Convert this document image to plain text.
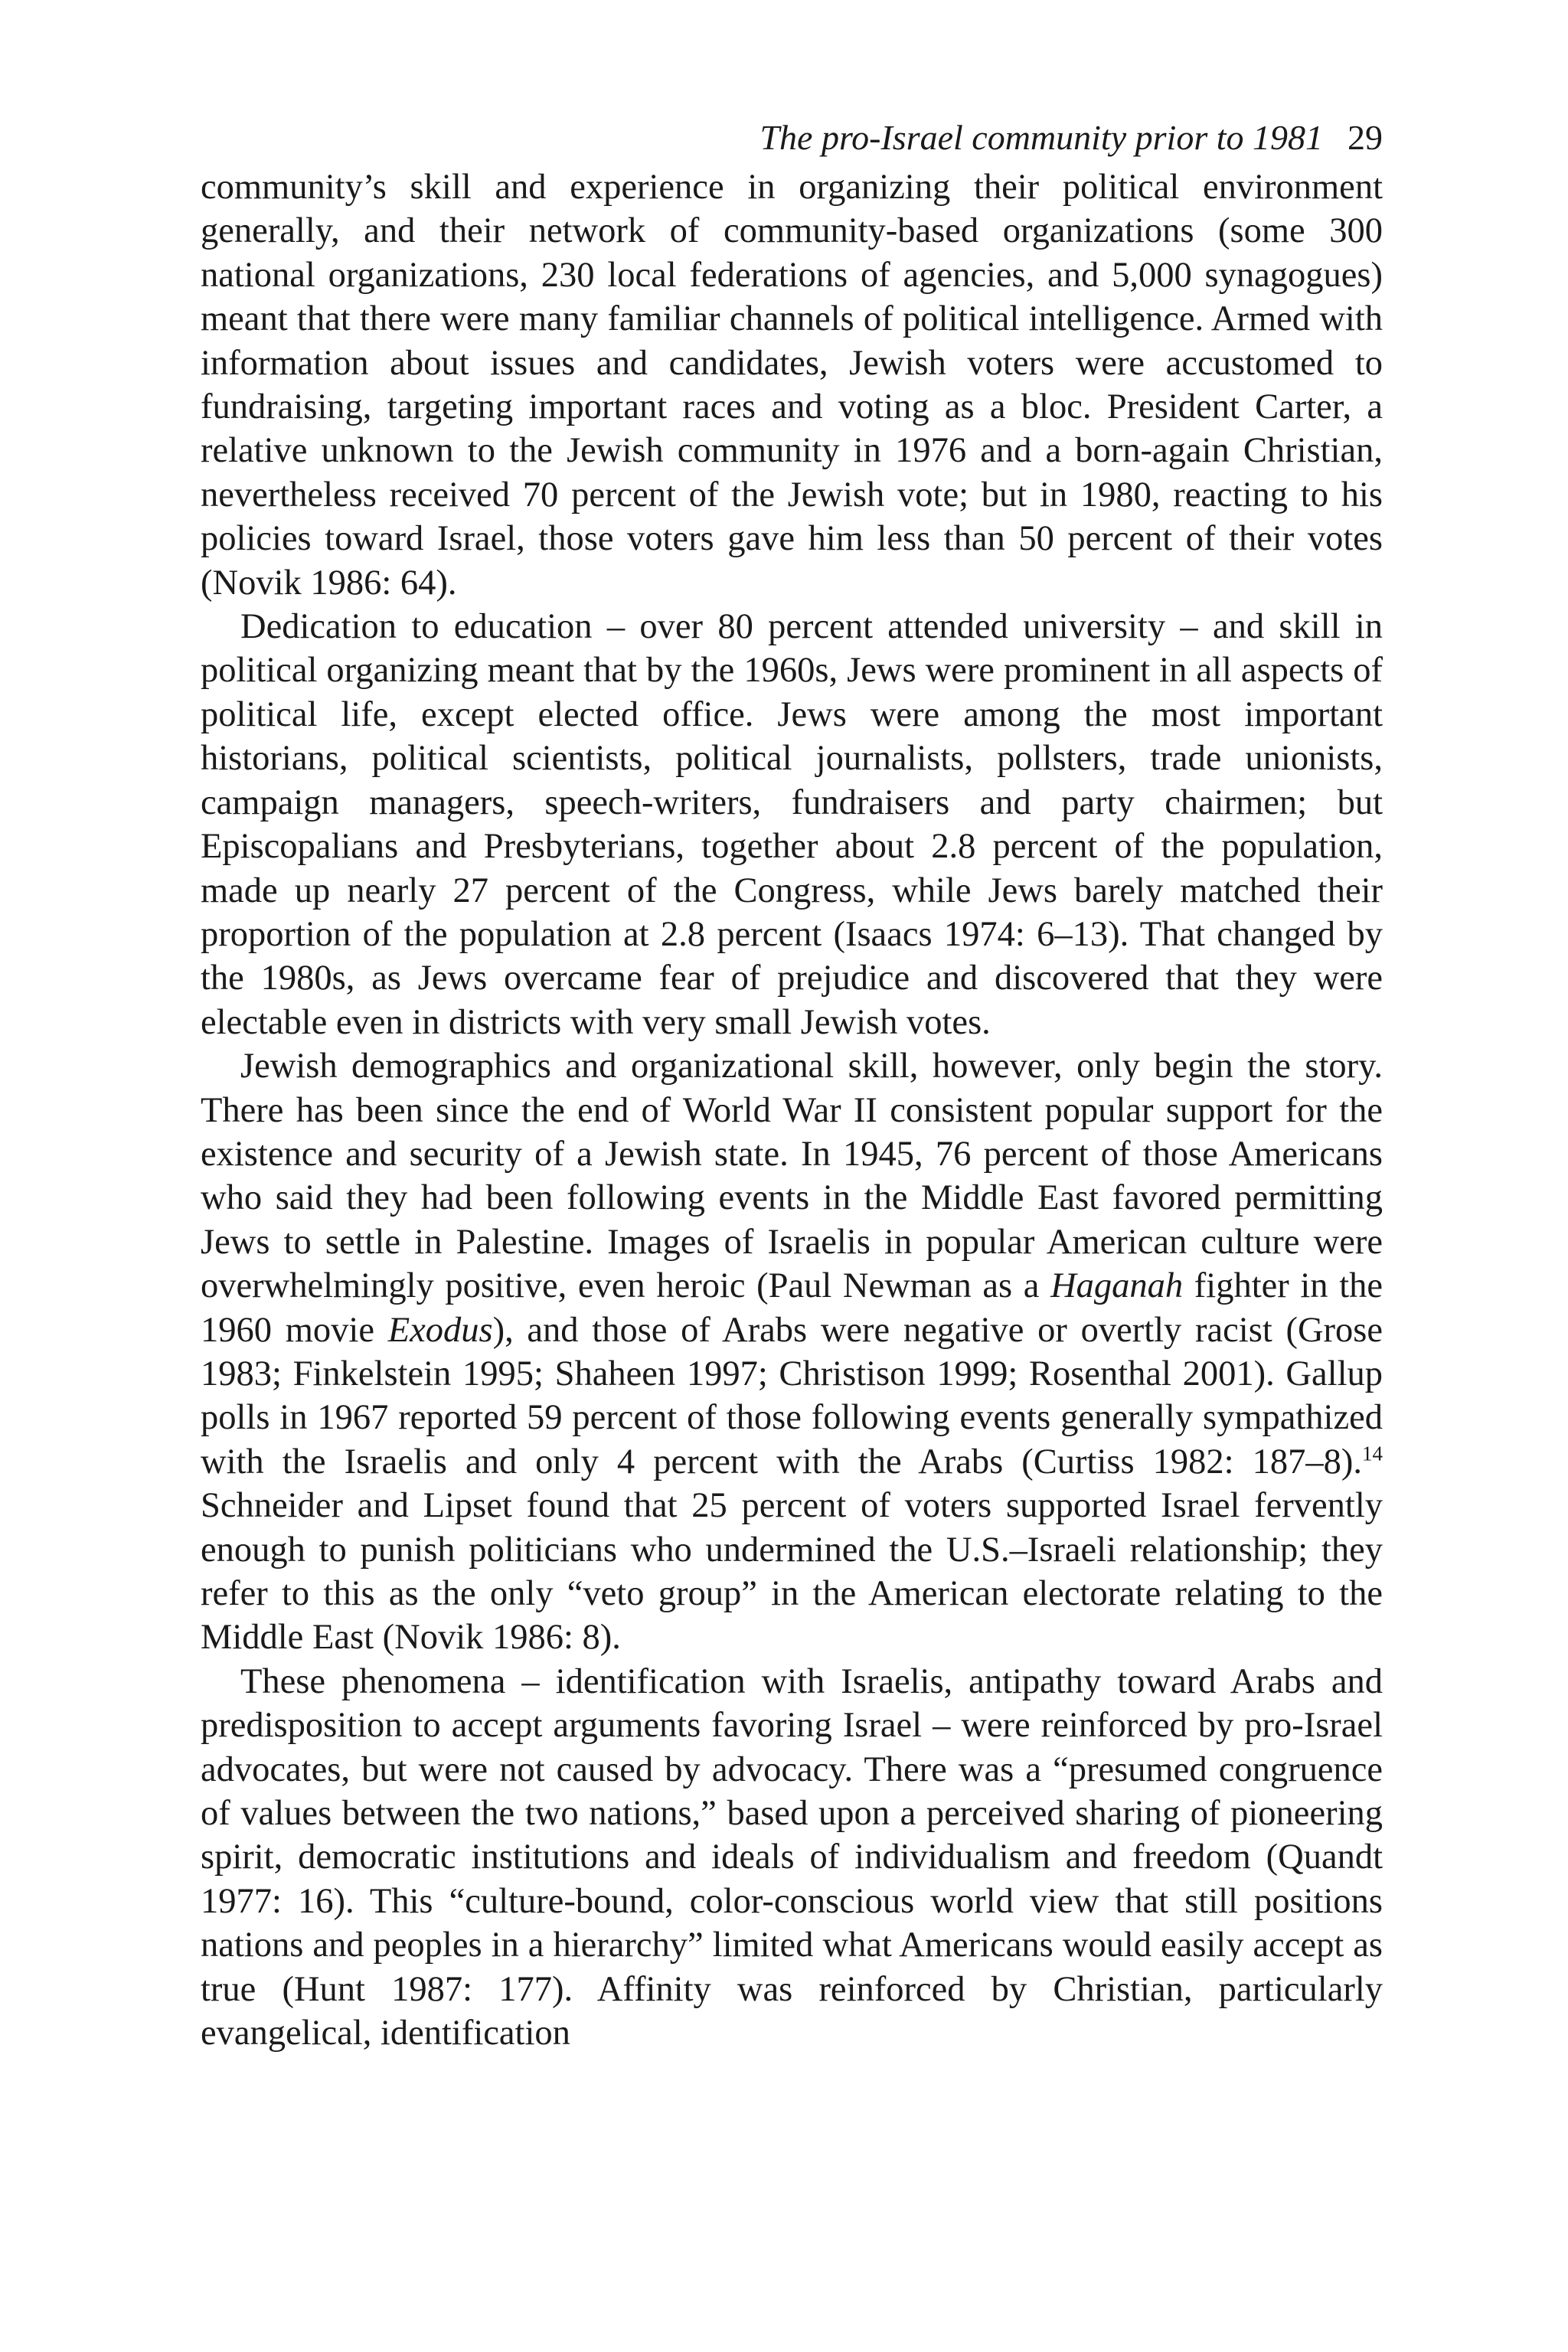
The pro-Israel community prior to 1981 29

community’s skill and experience in organizing their political environment generally, and their network of community-based organizations (some 300 national organizations, 230 local federations of agencies, and 5,000 synagogues) meant that there were many familiar channels of political intelligence. Armed with information about issues and candidates, Jewish voters were accustomed to fundraising, targeting important races and voting as a bloc. President Carter, a relative unknown to the Jewish community in 1976 and a born-again Christian, nevertheless received 70 percent of the Jewish vote; but in 1980, reacting to his policies toward Israel, those voters gave him less than 50 percent of their votes (Novik 1986: 64).

Dedication to education – over 80 percent attended university – and skill in political organizing meant that by the 1960s, Jews were prominent in all aspects of political life, except elected office. Jews were among the most important historians, political scientists, political journalists, pollsters, trade unionists, campaign managers, speech-writers, fundraisers and party chairmen; but Episcopalians and Presbyterians, together about 2.8 percent of the population, made up nearly 27 percent of the Congress, while Jews barely matched their proportion of the population at 2.8 percent (Isaacs 1974: 6–13). That changed by the 1980s, as Jews overcame fear of prejudice and discovered that they were electable even in districts with very small Jewish votes.

Jewish demographics and organizational skill, however, only begin the story. There has been since the end of World War II consistent popular support for the existence and security of a Jewish state. In 1945, 76 percent of those Americans who said they had been following events in the Middle East favored permitting Jews to settle in Palestine. Images of Israelis in popular American culture were overwhelmingly positive, even heroic (Paul Newman as a Haganah fighter in the 1960 movie Exodus), and those of Arabs were negative or overtly racist (Grose 1983; Finkelstein 1995; Shaheen 1997; Christison 1999; Rosenthal 2001). Gallup polls in 1967 reported 59 percent of those following events generally sympathized with the Israelis and only 4 percent with the Arabs (Curtiss 1982: 187–8).$^{14}$ Schneider and Lipset found that 25 percent of voters supported Israel fervently enough to punish politicians who undermined the U.S.–Israeli relationship; they refer to this as the only “veto group” in the American electorate relating to the Middle East (Novik 1986: 8).

These phenomena – identification with Israelis, antipathy toward Arabs and predisposition to accept arguments favoring Israel – were reinforced by pro-Israel advocates, but were not caused by advocacy. There was a “presumed congruence of values between the two nations,” based upon a perceived sharing of pioneering spirit, democratic institutions and ideals of individualism and freedom (Quandt 1977: 16). This “culture-bound, color-conscious world view that still positions nations and peoples in a hierarchy” limited what Americans would easily accept as true (Hunt 1987: 177). Affinity was reinforced by Christian, particularly evangelical, identification
